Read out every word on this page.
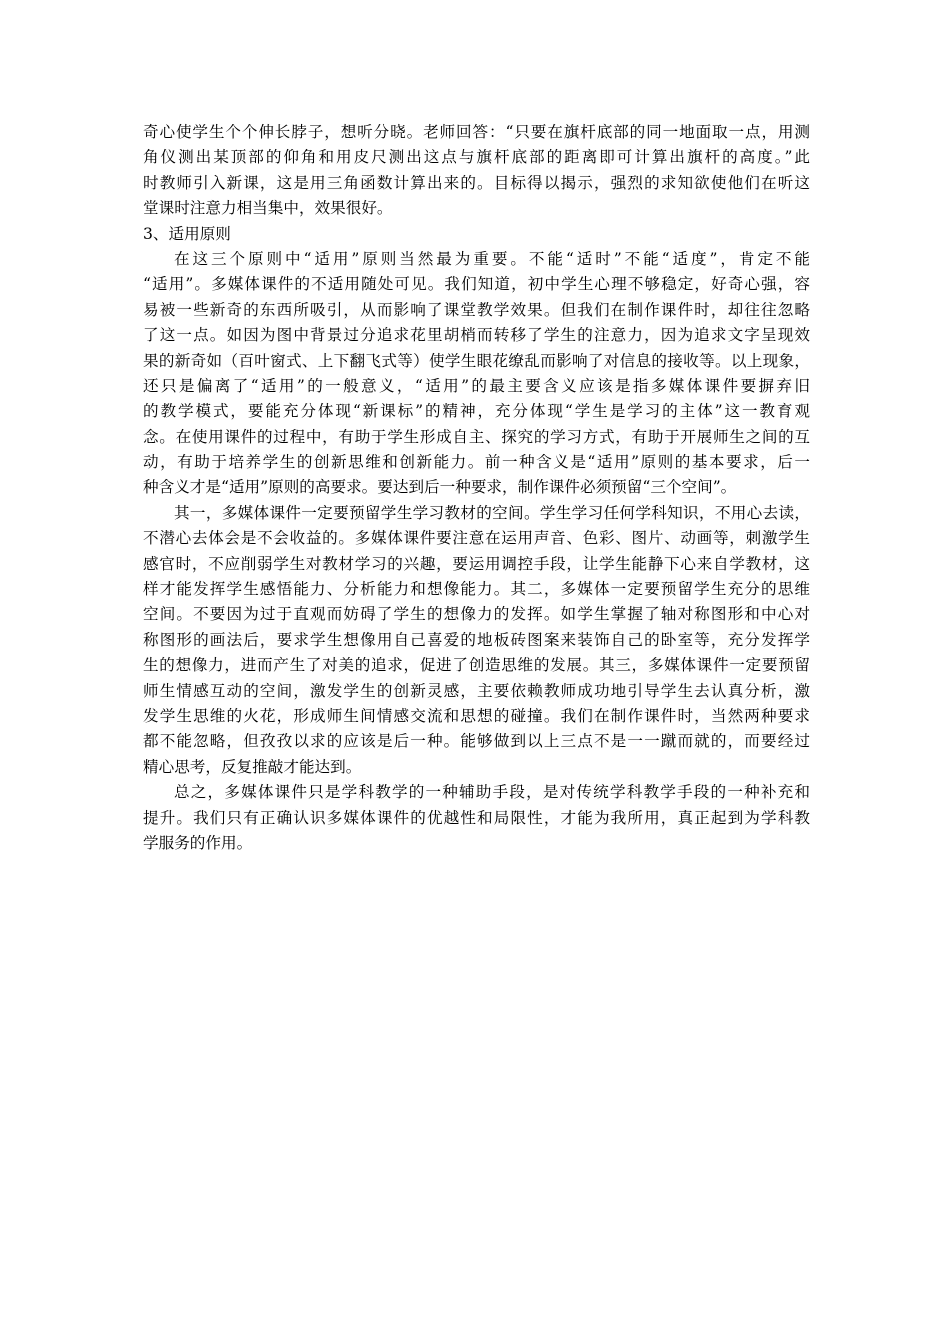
奇心使学生个个伸长脖子，想听分晓。老师回答：“只要在旗杆底部的同一地面取一点，用测
角仪测出某顶部的仰角和用皮尺测出这点与旗杆底部的距离即可计算出旗杆的高度。”此
时教师引入新课，这是用三角函数计算出来的。目标得以揭示，强烈的求知欲使他们在听这
堂课时注意力相当集中，效果很好。

3、适用原则

在这三个原则中“适用”原则当然最为重要。不能“适时”不能“适度”，肯定不能
“适用”。多媒体课件的不适用随处可见。我们知道，初中学生心理不够稳定，好奇心强，容
易被一些新奇的东西所吸引，从而影响了课堂教学效果。但我们在制作课件时，却往往忽略
了这一点。如因为图中背景过分追求花里胡梢而转移了学生的注意力，因为追求文字呈现效
果的新奇如（百叶窗式、上下翻飞式等）使学生眼花缭乱而影响了对信息的接收等。以上现象，
还只是偏离了“适用”的一般意义，“适用”的最主要含义应该是指多媒体课件要摒弃旧
的教学模式，要能充分体现“新课标”的精神，充分体现“学生是学习的主体”这一教育观
念。在使用课件的过程中，有助于学生形成自主、探究的学习方式，有助于开展师生之间的互
动，有助于培养学生的创新思维和创新能力。前一种含义是“适用”原则的基本要求，后一
种含义才是“适用”原则的高要求。要达到后一种要求，制作课件必须预留“三个空间”。

其一，多媒体课件一定要预留学生学习教材的空间。学生学习任何学科知识，不用心去读，
不潜心去体会是不会收益的。多媒体课件要注意在运用声音、色彩、图片、动画等，刺激学生
感官时，不应削弱学生对教材学习的兴趣，要运用调控手段，让学生能静下心来自学教材，这
样才能发挥学生感悟能力、分析能力和想像能力。其二，多媒体一定要预留学生充分的思维
空间。不要因为过于直观而妨碍了学生的想像力的发挥。如学生掌握了轴对称图形和中心对
称图形的画法后，要求学生想像用自己喜爱的地板砖图案来装饰自己的卧室等，充分发挥学
生的想像力，进而产生了对美的追求，促进了创造思维的发展。其三，多媒体课件一定要预留
师生情感互动的空间，激发学生的创新灵感，主要依赖教师成功地引导学生去认真分析，激
发学生思维的火花，形成师生间情感交流和思想的碰撞。我们在制作课件时，当然两种要求
都不能忽略，但孜孜以求的应该是后一种。能够做到以上三点不是一一蹴而就的，而要经过
精心思考，反复推敲才能达到。

总之，多媒体课件只是学科教学的一种辅助手段，是对传统学科教学手段的一种补充和
提升。我们只有正确认识多媒体课件的优越性和局限性，才能为我所用，真正起到为学科教
学服务的作用。
